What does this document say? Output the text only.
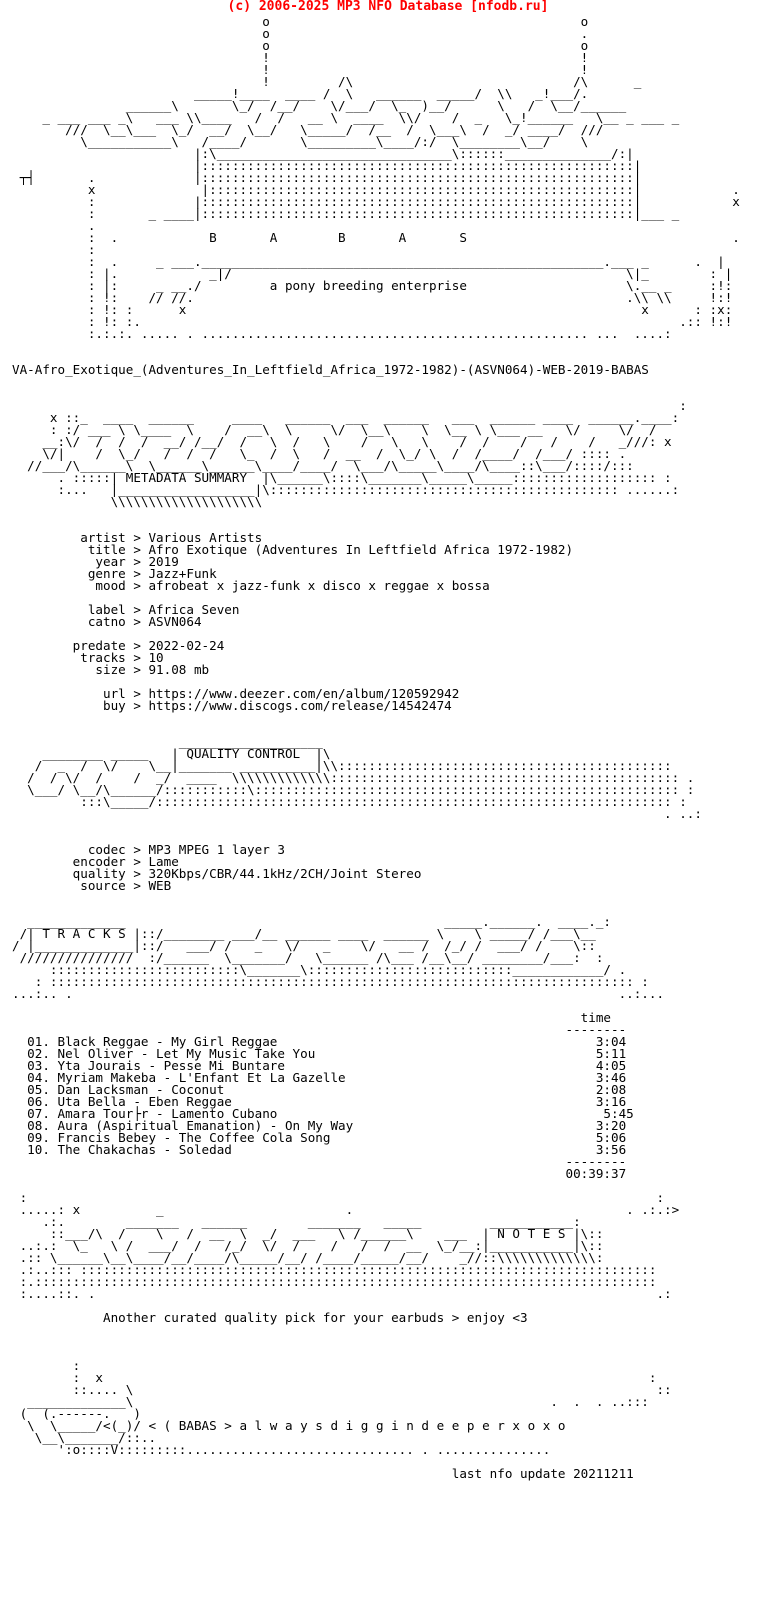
(c) 2006-2025 MP3 NFO Database [nfodb.ru]
o                                         o
o                                         .
o                                         o
!                                         !
!                                         !
!         /\                             /\      _
_____!____  ____ /  \   ______  _____/  \\   _!___/.
______\       \_/  /__/    \/___/  \_  )__/      \   /  \__/______
_ ___ ___ _\   ___ \\____   /  /   __ \  ____  \\/    /  _   \_!______   \__ _ ___ _
///  \__\___  \_/  __/  \__/   \_____/  /__  /  \___\  /  _/ ____/  ///
\___________\   /____/       \_________\____/:/  \________\__/    \
|:\_______________________________\::::::______________/:|
|:::::::::::::::::::::::::::::::::::::::::::::::::::::::::|
┬┤       .             |:::::::::::::::::::::::::::::::::::::::::::::::::::::::::|
x              |::::::::::::::::::::::::::::::::::::::::::::::::::::::::|            .
:             |:::::::::::::::::::::::::::::::::::::::::::::::::::::::::|            x
:       _ ____|:::::::::::::::::::::::::::::::::::::::::::::::::::::::::|___ _
.
:  .            B       A        B       A       S                                   .
:
:  .     _ ___._____________________________________________________.___ _      .  |
: |.            _|/                                                    \|_        : |
: |:     _ __./         a pony breeding enterprise                     \.__ _     :!:
: !:    // //.                                                         .\\ \\     !:!
: !: :      x                                                            x      : :x:
: !: :.                                                                       .:: !:!
:.:.:. ..... . ................................................... ...  ....:

VA-Afro_Exotique_(Adventures_In_Leftfield_Africa_1972-1982)-(ASVN064)-WEB-2019-BABAS

:
x ::_  ____  ______     ____   ______  ___  ______   ___  ______ ____  ______.____:
: :/ ___ \ \____  \    /  __\  \     \/  \__\    \  \__ \ \___ __   \/     \/  /
__:\/  /  /  /  __/ /__/  /   \  /   \    /   \   \    /  /    /   /    /   _///: x
\/|    /  \_/   /  /  /   \_  /  \   /  __  /  \_/ \  /  /____/  /___/ :::: .
//___/\______\  \______\______\____/____/  \___/\_____\____/\____::\___/::::/:::
. :::::| METADATA SUMMARY  |\______\::::\_______\_____\_____::::::::::::::::::: :
:...   |__________________|\:::::::::::::::::::::::::::::::::::::::::::::: ......:
\\\\\\\\\\\\\\\\\\\\

artist > Various Artists
title > Afro Exotique (Adventures In Leftfield Africa 1972-1982)
year > 2019
genre > Jazz+Funk
mood > afrobeat x jazz-funk x disco x reggae x bossa

label > Africa Seven
catno > ASVN064

predate > 2022-02-24
tracks > 10
size > 91.08 mb

url > https://www.deezer.com/en/album/120592942
buy > https://www.discogs.com/release/14542474

___________________
________ _____   | QUALITY CONTROL  |\
/  _  /  \/    \__|_______ __________|\\::::::::::::::::::::::::::::::::::::::::::::
/  / \/  /    /  _/  ____  \\\\\\\\\\\\\:::::::::::::::::::::::::::::::::::::::::::::: .
\___/ \__/\______/:::::::::::\:::::::::::::::::::::::::::::::::::::::::::::::::::::::: :
:::\_____/:::::::::::::::::::::::::::::::::::::::::::::::::::::::::::::::::::: :
. ..:

codec > MP3 MPEG 1 layer 3
encoder > Lame
quality > 320Kbps/CBR/44.1kHz/2CH/Joint Stereo
source > WEB

_____________                                          _____.______.  ____._:
/| T R A C K S |::/________ ___/__ ______ ____  ______ \    \ _____/ /___\__
/ |_____________|::/   ___/ /   _   \/   _    \/   __ /  /_/ /  ___/ /    \::
///////////////  :/______  \_______/   \______ /\___ /__\__/ ________/___:  :
:::::::::::::::::::::::::\_______\:::::::::::::::::::::::::::____________/ .
: ::::::::::::::::::::::::::::::::::::::::::::::::::::::::::::::::::::::::::::: :
...:.. .                                                                        ..:...

time
--------
01. Black Reggae - My Girl Reggae                                          3:04
02. Nel Oliver - Let My Music Take You                                     5:11
03. Yta Jourais - Pesse Mi Buntare                                         4:05
04. Myriam Makeba - L'Enfant Et La Gazelle                                 3:46
05. Dan Lacksman - Coconut                                                 2:08
06. Uta Bella - Eben Reggae                                                3:16
07. Amara Tour├r - Lamento Cubano                                           5:45
08. Aura (Aspiritual Emanation) - On My Way                                3:20
09. Francis Bebey - The Coffee Cola Song                                   5:06
10. The Chakachas - Soledad                                                3:56
--------
00:39:37

:                                                                                   :
.....: x          _                        .                                    . .:.:>
.:.        _______   ______        _______   _____         ___________:
::___/\  /    \   /  __  \  _/  ___   \ /______\    ___  | N O T E S |\::
..:.:  \_   \ /  ___/  /   /_/  \/  /    /   /  /  __  \_/__:|___________|\::
.:: \______\__\____/__/____/\_____/__/ /____/_____/__/    _//::\\\\\\\\\\\\\:
.:..::: ::::::::::::::::::::::::::::::::::::::::::::::::::::::::::::::::::::::::::::
:.::::::::::::::::::::::::::::::::::::::::::::::::::::::::::::::::::::::::::::::::::
:....::. .                                                                          .:

Another curated quality pick for your earbuds > enjoy <3

:
:  x                                                                        :
::.... \                                                                     ::
_____________\                                                       .  .  . ..:::
(  (.------.   )
\  \_____/<(_)/ < ( BABAS > a l w a y s d i g g i n d e e p e r x o x o
\__\_______/::..
':o::::V:::::::::.............................. . ...............

last nfo update 20211211
